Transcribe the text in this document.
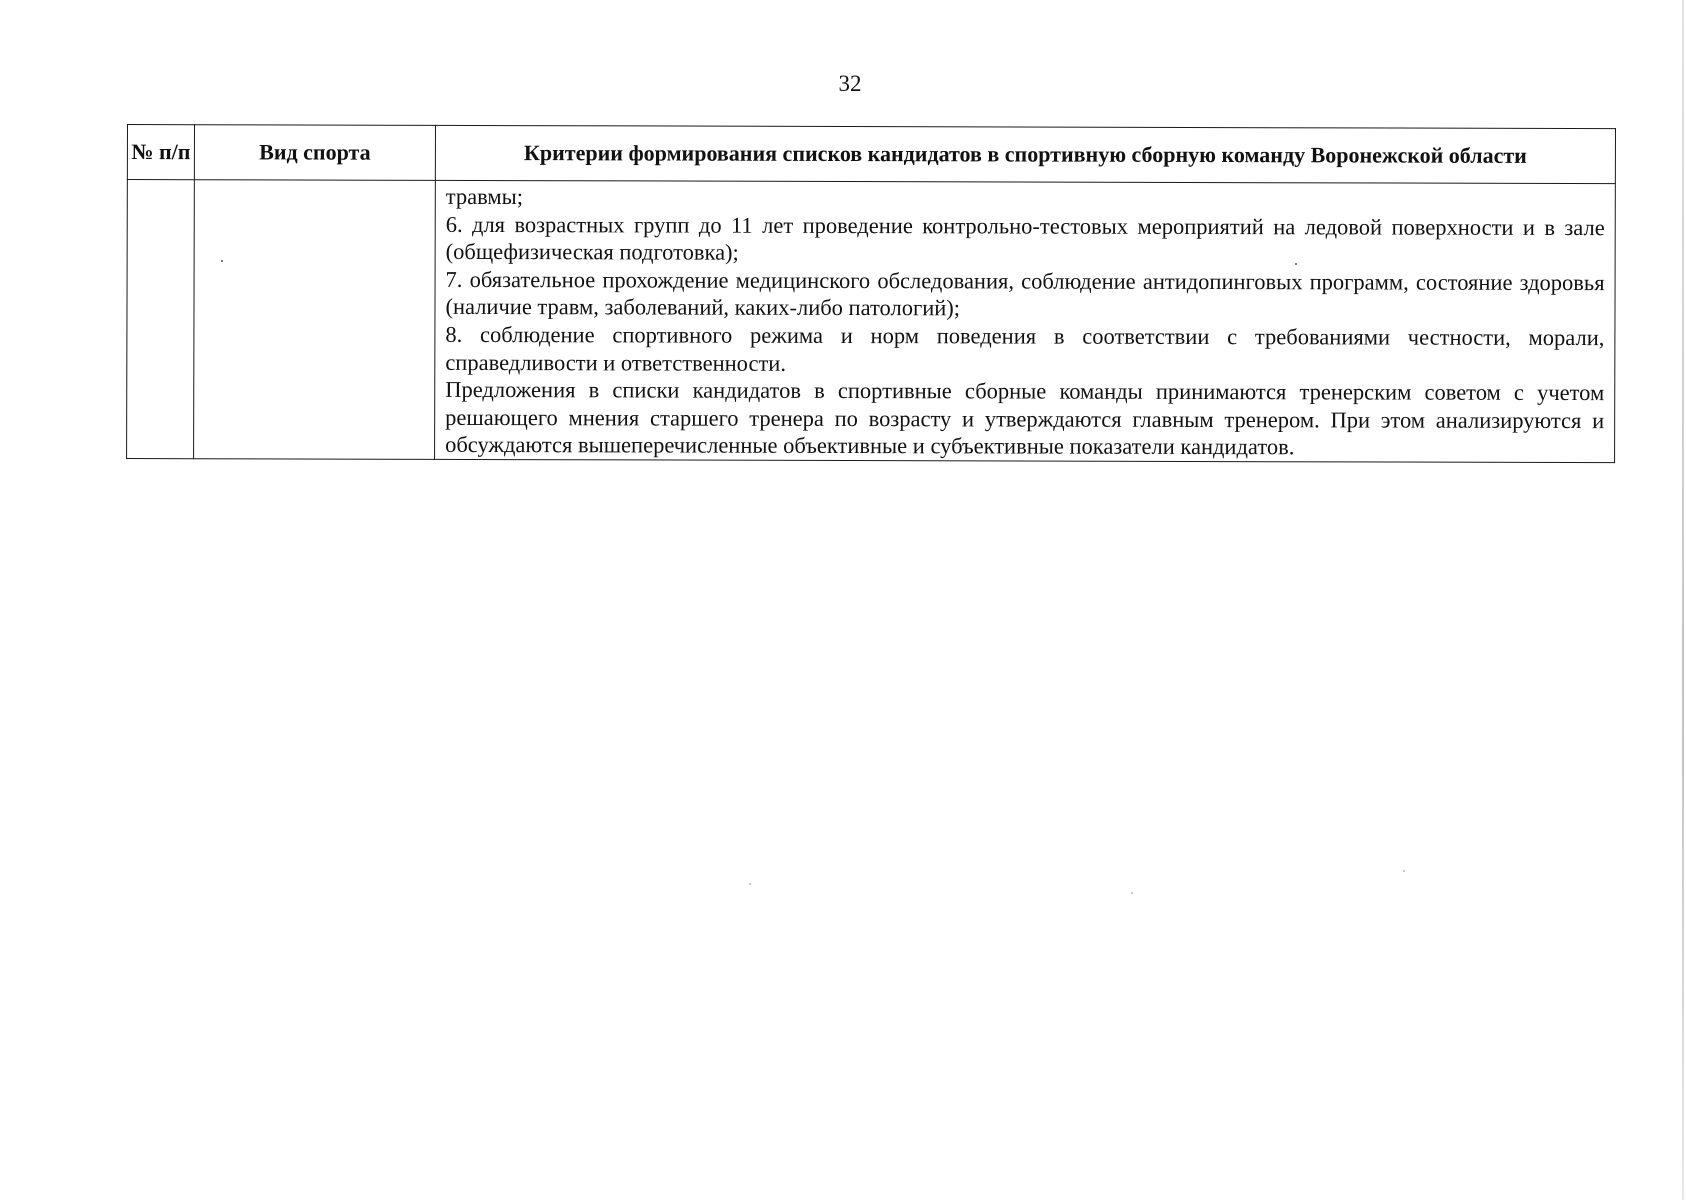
32
№ п/п	Вид спорта	Критерии формирования списков кандидатов в спортивную сборную команду Воронежской области

		травмы;

6. для возрастных групп до 11 лет проведение контрольно-тестовых мероприятий на ледовой поверхности и в зале (общефизическая подготовка);

7. обязательное прохождение медицинского обследования, соблюдение антидопинговых программ, состояние здоровья (наличие травм, заболеваний, каких-либо патологий);

8. соблюдение спортивного режима и норм поведения в соответствии с требованиями честности, морали, справедливости и ответственности.

Предложения в списки кандидатов в спортивные сборные команды принимаются тренерским советом с учетом решающего мнения старшего тренера по возрасту и утверждаются главным тренером. При этом анализируются и обсуждаются вышеперечисленные объективные и субъективные показатели кандидатов.
